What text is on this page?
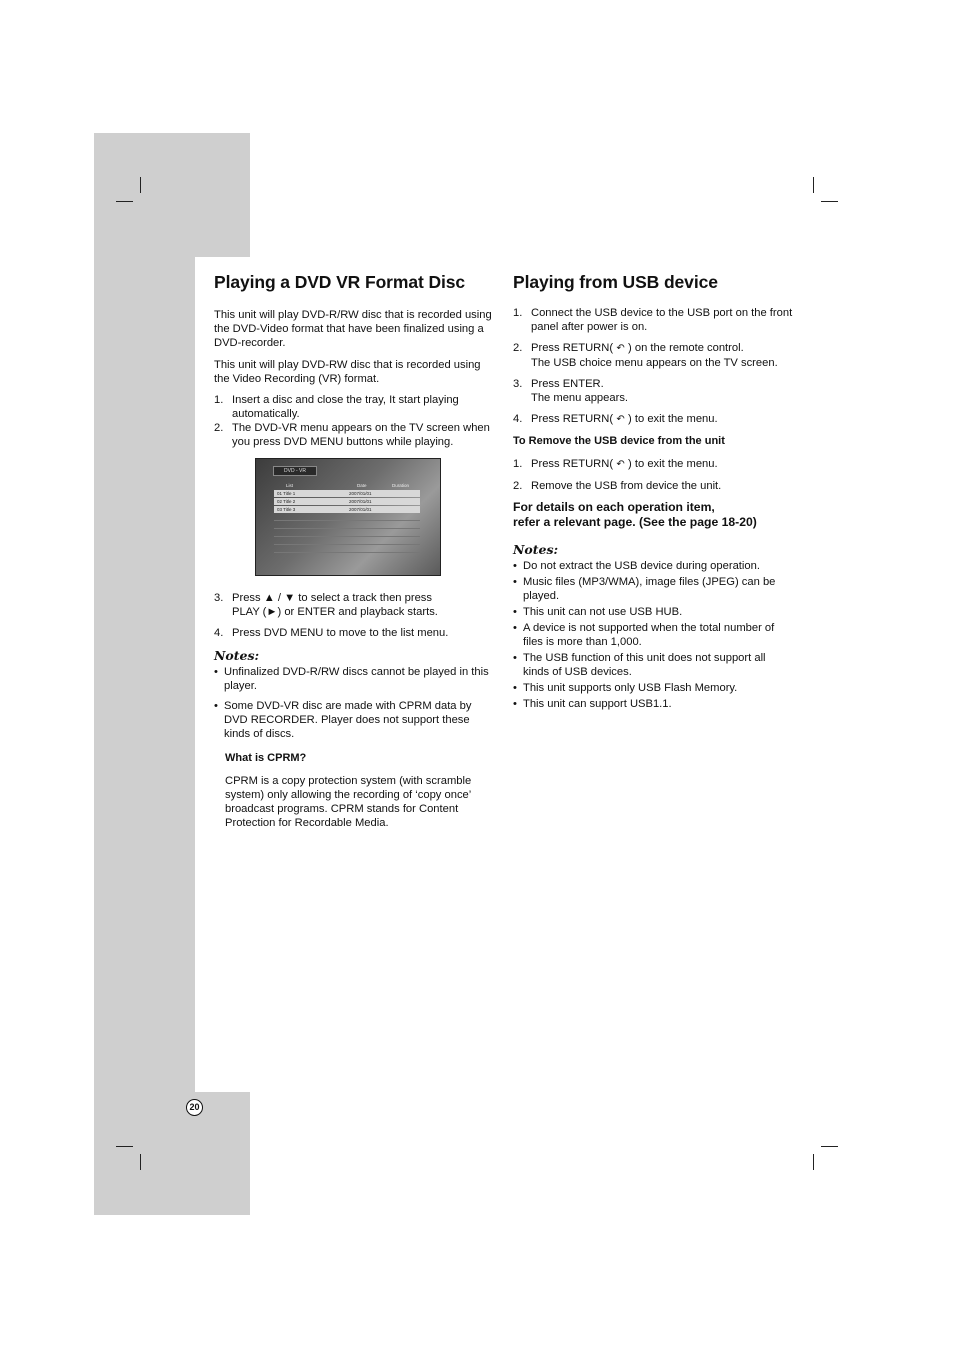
Playing a DVD VR Format Disc

This unit will play DVD-R/RW disc that is recorded using the DVD-Video format that have been finalized using a DVD-recorder.

This unit will play DVD-RW disc that is recorded using the Video Recording (VR) format.

1. Insert a disc and close the tray, It start playing automatically.
2. The DVD-VR menu appears on the TV screen when you press DVD MENU buttons while playing.
DVD - VR
List	Date	Duration
01 Title 1	2007/01/01
02 Title 2	2007/01/01
03 Title 3	2007/01/01
3. Press ▲ / ▼ to select a track then press
PLAY (►) or ENTER and playback starts.
4. Press DVD MENU to move to the list menu.
Notes:
• Unfinalized DVD-R/RW discs cannot be played in this player.
• Some DVD-VR disc are made with CPRM data by DVD RECORDER. Player does not support these kinds of discs.
What is CPRM?

CPRM is a copy protection system (with scramble system) only allowing the recording of ‘copy once’ broadcast programs. CPRM stands for Content Protection for Recordable Media.

Playing from USB device
1. Connect the USB device to the USB port on the front panel after power is on.
2. Press RETURN( ↶ ) on the remote control.
The USB choice menu appears on the TV screen.
3. Press ENTER.
The menu appears.
4. Press RETURN( ↶ ) to exit the menu.
To Remove the USB device from the unit
1. Press RETURN( ↶ ) to exit the menu.
2. Remove the USB from device the unit.
For details on each operation item,
refer a relevant page. (See the page 18-20)
Notes:
• Do not extract the USB device during operation.
• Music files (MP3/WMA), image files (JPEG) can be played.
• This unit can not use USB HUB.
• A device is not supported when the total number of files is more than 1,000.
• The USB function of this unit does not support all kinds of USB devices.
• This unit supports only USB Flash Memory.
• This unit can support USB1.1.
20
